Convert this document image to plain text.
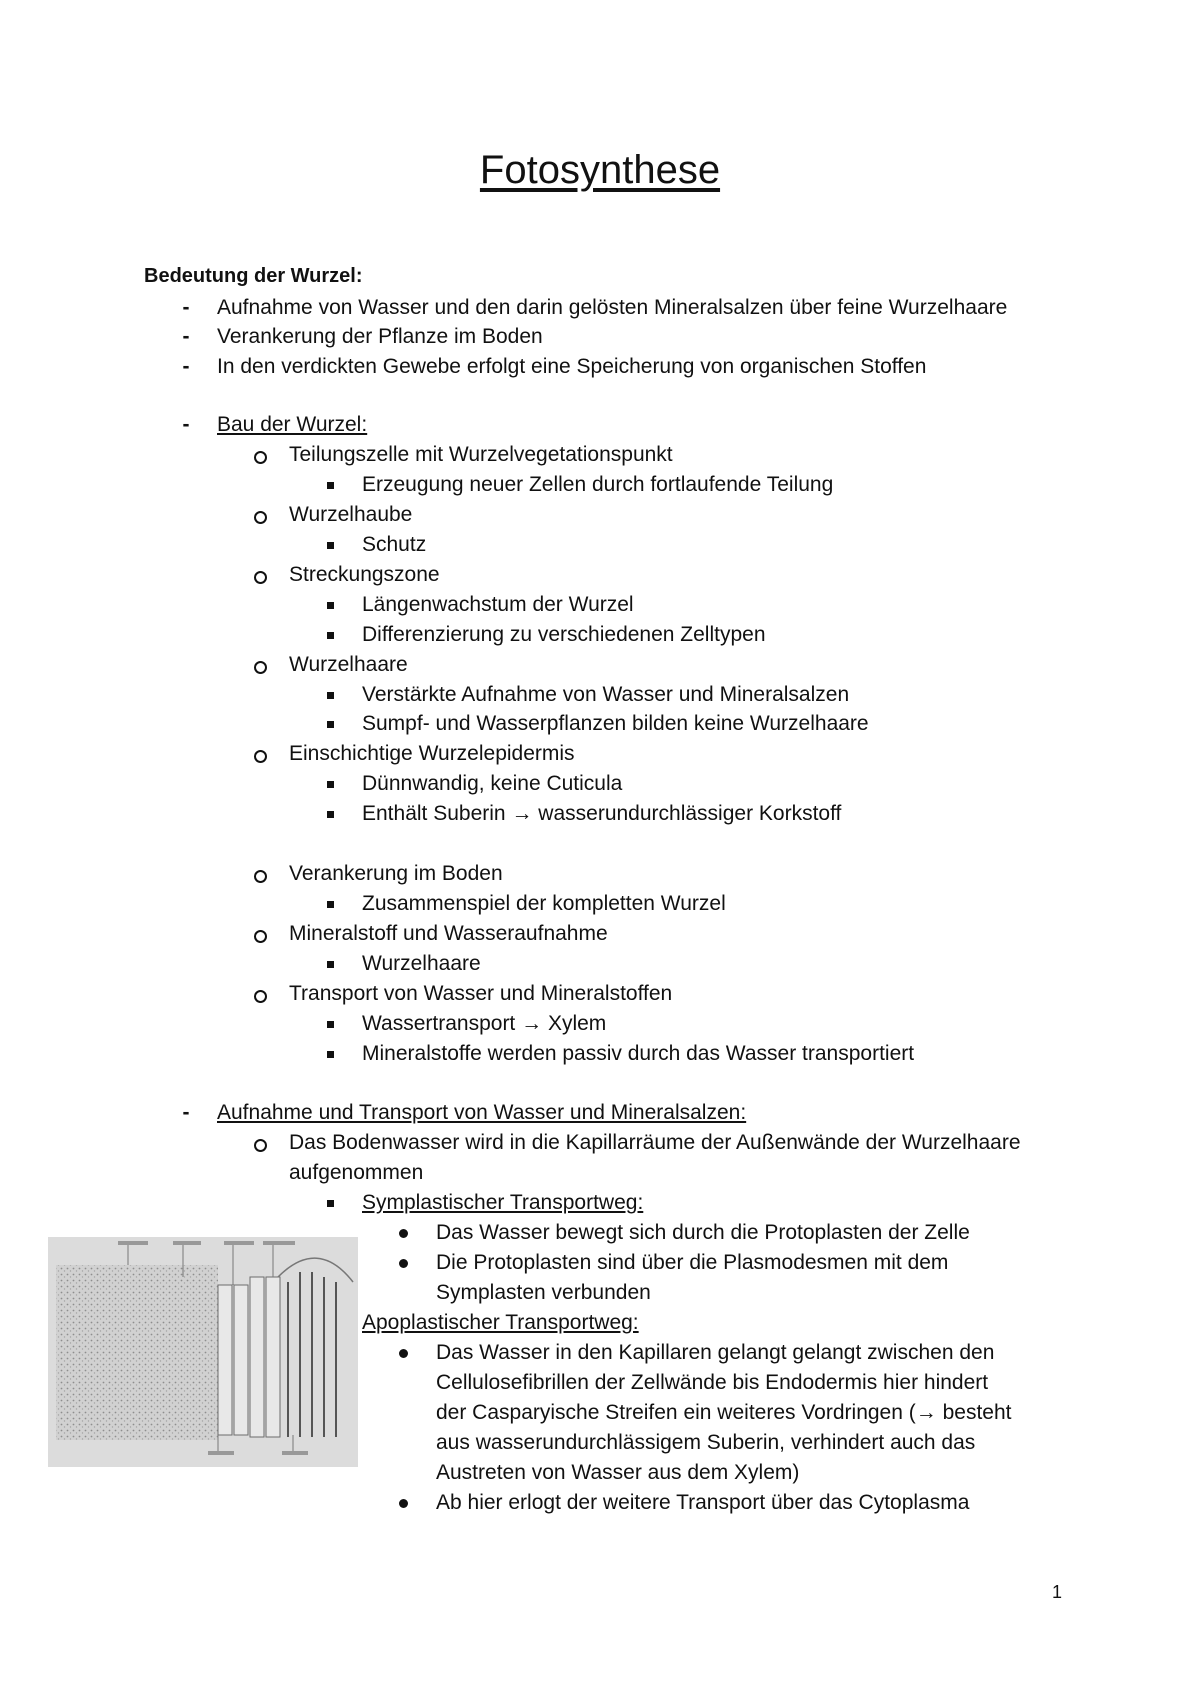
Fotosynthese
Bedeutung der Wurzel:
- Aufnahme von Wasser und den darin gelösten Mineralsalzen über feine Wurzelhaare
- Verankerung der Pflanze im Boden
- In den verdickten Gewebe erfolgt eine Speicherung von organischen Stoffen
- Bau der Wurzel:
Teilungszelle mit Wurzelvegetationspunkt
Erzeugung neuer Zellen durch fortlaufende Teilung
Wurzelhaube
Schutz
Streckungszone
Längenwachstum der Wurzel
Differenzierung zu verschiedenen Zelltypen
Wurzelhaare
Verstärkte Aufnahme von Wasser und Mineralsalzen
Sumpf- und Wasserpflanzen bilden keine Wurzelhaare
Einschichtige Wurzelepidermis
Dünnwandig, keine Cuticula
Enthält Suberin → wasserundurchlässiger Korkstoff
Verankerung im Boden
Zusammenspiel der kompletten Wurzel
Mineralstoff und Wasseraufnahme
Wurzelhaare
Transport von Wasser und Mineralstoffen
Wassertransport → Xylem
Mineralstoffe werden passiv durch das Wasser transportiert
- Aufnahme und Transport von Wasser und Mineralsalzen:
Das Bodenwasser wird in die Kapillarräume der Außenwände der Wurzelhaare
aufgenommen
Symplastischer Transportweg:
Das Wasser bewegt sich durch die Protoplasten der Zelle
Die Protoplasten sind über die Plasmodesmen mit dem
Symplasten verbunden
Apoplastischer Transportweg:
Das Wasser in den Kapillaren gelangt gelangt zwischen den
Cellulosefibrillen der Zellwände bis Endodermis hier hindert
der Casparyische Streifen ein weiteres Vordringen (→ besteht
aus wasserundurchlässigem Suberin, verhindert auch das
Austreten von Wasser aus dem Xylem)
Ab hier erlogt der weitere Transport über das Cytoplasma
1
